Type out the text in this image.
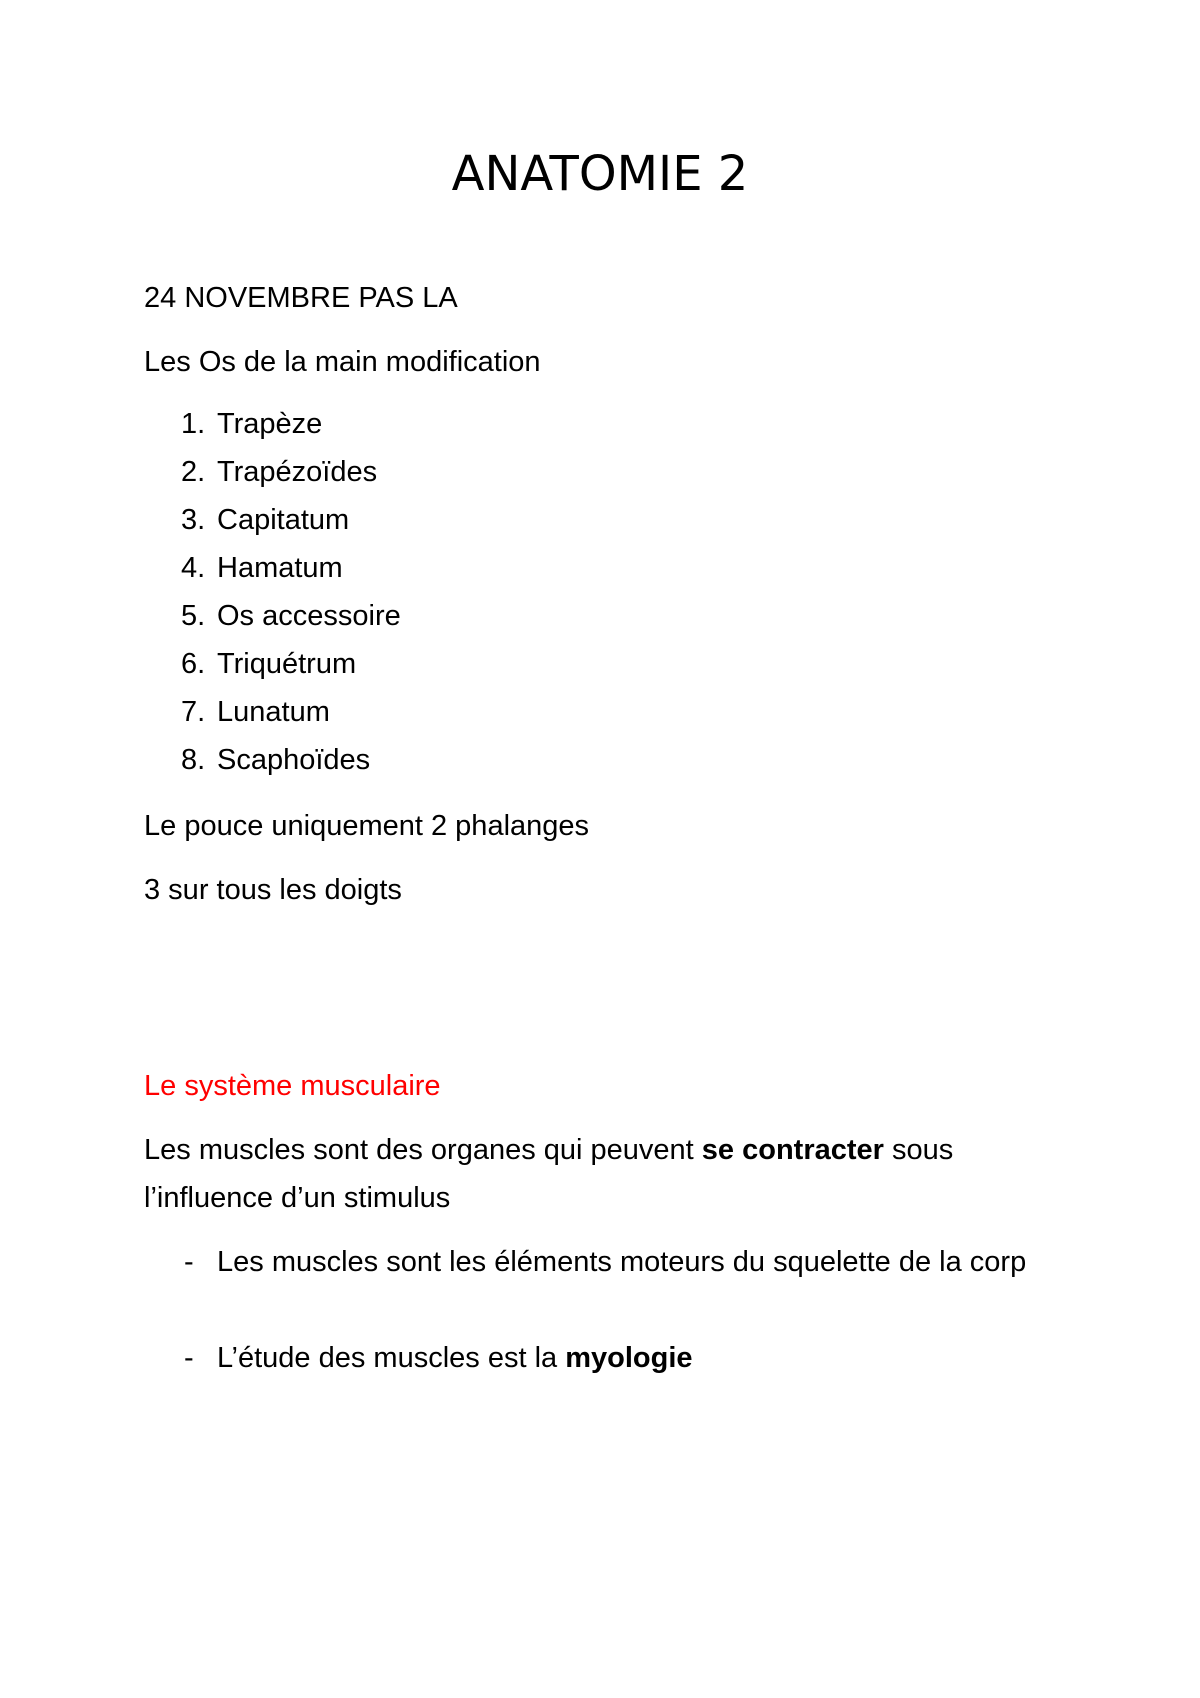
ANATOMIE 2

24 NOVEMBRE PAS LA

Les Os de la main modification

1. Trapèze
2. Trapézoïdes
3. Capitatum
4. Hamatum
5. Os accessoire
6. Triquétrum
7. Lunatum
8. Scaphoïdes

Le pouce uniquement 2 phalanges

3 sur tous les doigts

Le système musculaire

Les muscles sont des organes qui peuvent se contracter sous

l’influence d’un stimulus

- Les muscles sont les éléments moteurs du squelette de la corp
- L’étude des muscles est la myologie
